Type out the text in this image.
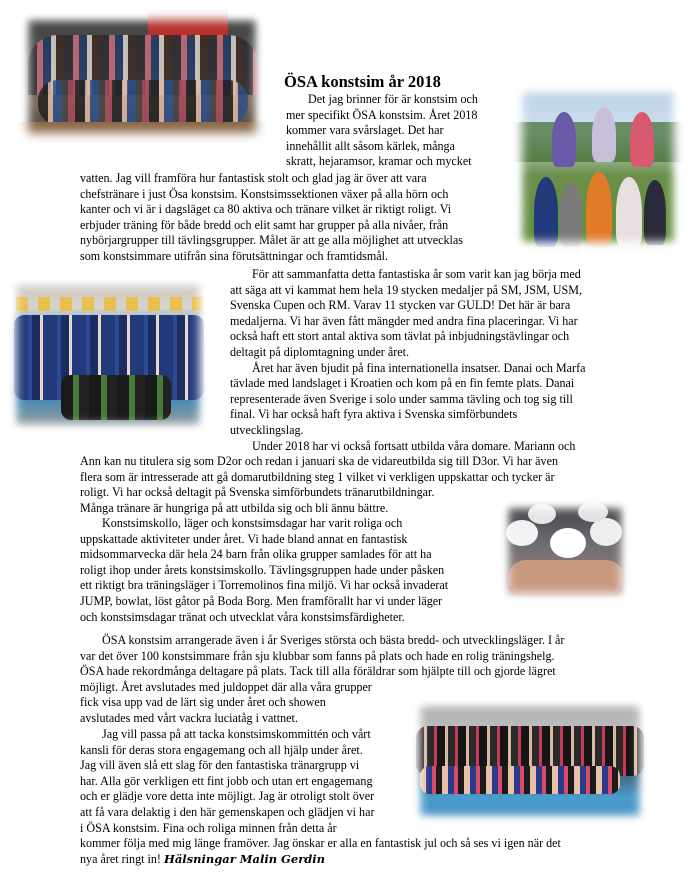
ÖSA konstsim år 2018
Det jag brinner för är konstsim och
mer specifikt ÖSA konstsim. Året 2018
kommer vara svårslaget. Det har
innehållit allt såsom kärlek, många
skratt, hejaramsor, kramar och mycket
vatten. Jag vill framföra hur fantastisk stolt och glad jag är över att vara
chefstränare i just Ösa konstsim. Konstsimssektionen växer på alla hörn och
kanter och vi är i dagsläget ca 80 aktiva och tränare vilket är riktigt roligt. Vi
erbjuder träning för både bredd och elit samt har grupper på alla nivåer, från
nybörjargrupper till tävlingsgrupper. Målet är att ge alla möjlighet att utvecklas
som konstsimmare utifrån sina förutsättningar och framtidsmål.
För att sammanfatta detta fantastiska år som varit kan jag börja med
att säga att vi kammat hem hela 19 stycken medaljer på SM, JSM, USM,
Svenska Cupen och RM. Varav 11 stycken var GULD! Det här är bara
medaljerna. Vi har även fått mängder med andra fina placeringar. Vi har
också haft ett stort antal aktiva som tävlat på inbjudningstävlingar och
deltagit på diplomtagning under året.
Året har även bjudit på fina internationella insatser. Danai och Marfa
tävlade med landslaget i Kroatien och kom på en fin femte plats. Danai
representerade även Sverige i solo under samma tävling och tog sig till
final. Vi har också haft fyra aktiva i Svenska simförbundets
utvecklingslag.
Under 2018 har vi också fortsatt utbilda våra domare. Mariann och
Ann kan nu titulera sig som D2or och redan i januari ska de vidareutbilda sig till D3or. Vi har även
flera som är intresserade att gå domarutbildning steg 1 vilket vi verkligen uppskattar och tycker är
roligt. Vi har också deltagit på Svenska simförbundets tränarutbildningar.
Många tränare är hungriga på att utbilda sig och bli ännu bättre.
Konstsimskollo, läger och konstsimsdagar har varit roliga och
uppskattade aktiviteter under året. Vi hade bland annat en fantastisk
midsommarvecka där hela 24 barn från olika grupper samlades för att ha
roligt ihop under årets konstsimskollo. Tävlingsgruppen hade under påsken
ett riktigt bra träningsläger i Torremolinos fina miljö. Vi har också invaderat
JUMP, bowlat, löst gåtor på Boda Borg. Men framförallt har vi under läger
och konstsimsdagar tränat och utvecklat våra konstsimsfärdigheter.
ÖSA konstsim arrangerade även i år Sveriges största och bästa bredd- och utvecklingsläger. I år
var det över 100 konstsimmare från sju klubbar som fanns på plats och hade en rolig träningshelg.
ÖSA hade rekordmånga deltagare på plats. Tack till alla föräldrar som hjälpte till och gjorde lägret
möjligt. Året avslutades med juldoppet där alla våra grupper
fick visa upp vad de lärt sig under året och showen
avslutades med vårt vackra luciatåg i vattnet.
Jag vill passa på att tacka konstsimskommittén och vårt
kansli för deras stora engagemang och all hjälp under året.
Jag vill även slå ett slag för den fantastiska tränargrupp vi
har. Alla gör verkligen ett fint jobb och utan ert engagemang
och er glädje vore detta inte möjligt. Jag är otroligt stolt över
att få vara delaktig i den här gemenskapen och glädjen vi har
i ÖSA konstsim. Fina och roliga minnen från detta år
kommer följa med mig länge framöver. Jag önskar er alla en fantastisk jul och så ses vi igen när det
nya året ringt in! Hälsningar Malin Gerdin
